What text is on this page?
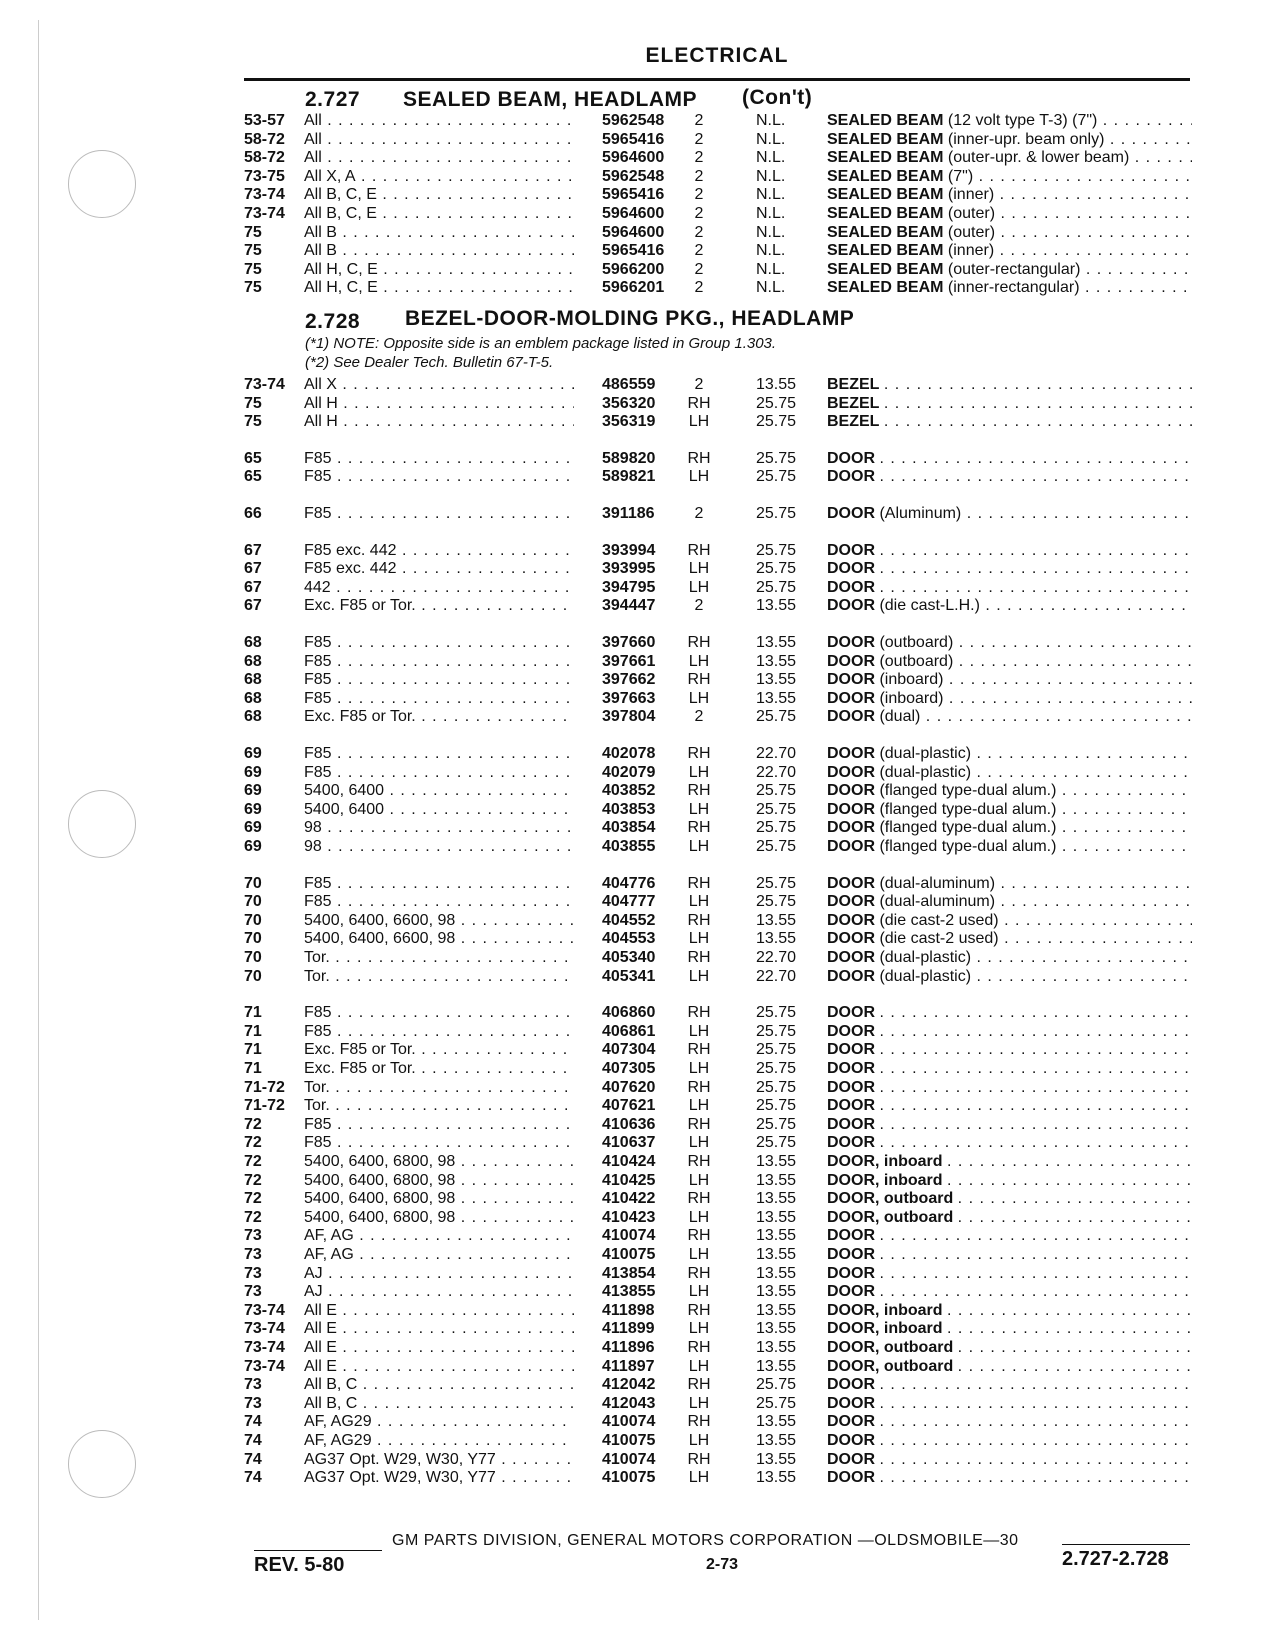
ELECTRICAL
2.727 SEALED BEAM, HEADLAMP (Con't)
53-57 All . . .	5962548	2	N.L.	SEALED BEAM (12 volt type T-3) (7") . . .
58-72 All . . .	5965416	2	N.L.	SEALED BEAM (inner-upr. beam only) . . .
58-72 All . . .	5964600	2	N.L.	SEALED BEAM (outer-upr. & lower beam) . . .
73-75 All X, A . . .	5962548	2	N.L.	SEALED BEAM (7") . . .
73-74 All B, C, E . . .	5965416	2	N.L.	SEALED BEAM (inner) . . .
73-74 All B, C, E . . .	5964600	2	N.L.	SEALED BEAM (outer) . . .
75	All B . . .	5964600	2	N.L.	SEALED BEAM (outer) . . .
75	All B . . .	5965416	2	N.L.	SEALED BEAM (inner) . . .
75	All H, C, E . . .	5966200	2	N.L.	SEALED BEAM (outer-rectangular) . . .
75	All H, C, E . . .	5966201	2	N.L.	SEALED BEAM (inner-rectangular) . . .
2.728 BEZEL-DOOR-MOLDING PKG., HEADLAMP
(*1) NOTE: Opposite side is an emblem package listed in Group 1.303.
(*2) See Dealer Tech. Bulletin 67-T-5.
73-74 All X . . .	486559	2	13.55 BEZEL . . .
75	All H . . .	356320 RH	25.75 BEZEL . . .
75	All H . . .	356319 LH	25.75 BEZEL . . .
65	F85 . . .	589820 RH	25.75 DOOR . . .
65	F85 . . .	589821 LH	25.75 DOOR . . .
66	F85 . . .	391186	2	25.75 DOOR (Aluminum) . . .
67	F85 exc. 442 . . .	393994 RH	25.75 DOOR . . .
67	F85 exc. 442 . . .	393995 LH	25.75 DOOR . . .
67	442 . . .	394795 LH	25.75 DOOR . . .
67	Exc. F85 or Tor. . . .	394447	2	13.55 DOOR (die cast-L.H.) . . .
68	F85 . . .	397660 RH	13.55 DOOR (outboard) . . .
68	F85 . . .	397661 LH	13.55 DOOR (outboard) . . .
68	F85 . . .	397662 RH	13.55 DOOR (inboard) . . .
68	F85 . . .	397663 LH	13.55 DOOR (inboard) . . .
68	Exc. F85 or Tor. . . .	397804	2	25.75 DOOR (dual) . . .
69	F85 . . .	402078 RH	22.70 DOOR (dual-plastic) . . .
69	F85 . . .	402079 LH	22.70 DOOR (dual-plastic) . . .
69	5400, 6400 . . .	403852 RH	25.75 DOOR (flanged type-dual alum.) . . .
69	5400, 6400 . . .	403853 LH	25.75 DOOR (flanged type-dual alum.) . . .
69	98 . . .	403854 RH	25.75 DOOR (flanged type-dual alum.) . . .
69	98 . . .	403855 LH	25.75 DOOR (flanged type-dual alum.) . . .
70	F85 . . .	404776 RH	25.75 DOOR (dual-aluminum) . . .
70	F85 . . .	404777 LH	25.75 DOOR (dual-aluminum) . . .
70	5400, 6400, 6600, 98 . . .	404552 RH	13.55 DOOR (die cast-2 used) . . .
70	5400, 6400, 6600, 98 . . .	404553 LH	13.55 DOOR (die cast-2 used) . . .
70	Tor. . . .	405340 RH	22.70 DOOR (dual-plastic) . . .
70	Tor. . . .	405341 LH	22.70 DOOR (dual-plastic) . . .
71	F85 . . .	406860 RH	25.75 DOOR . . .
71	F85 . . .	406861 LH	25.75 DOOR . . .
71	Exc. F85 or Tor. . . .	407304 RH	25.75 DOOR . . .
71	Exc. F85 or Tor. . . .	407305 LH	25.75 DOOR . . .
71-72 Tor. . . .	407620 RH	25.75 DOOR . . .
71-72 Tor. . . .	407621 LH	25.75 DOOR . . .
72	F85 . . .	410636 RH	25.75 DOOR . . .
72	F85 . . .	410637 LH	25.75 DOOR . . .
72	5400, 6400, 6800, 98 . . .	410424 RH	13.55 DOOR, inboard . . .
72	5400, 6400, 6800, 98 . . .	410425 LH	13.55 DOOR, inboard . . .
72	5400, 6400, 6800, 98 . . .	410422 RH	13.55 DOOR, outboard . . .
72	5400, 6400, 6800, 98 . . .	410423 LH	13.55 DOOR, outboard . . .
73	AF, AG . . .	410074 RH	13.55 DOOR . . .
73	AF, AG . . .	410075 LH	13.55 DOOR . . .
73	AJ . . .	413854 RH	13.55 DOOR . . .
73	AJ . . .	413855 LH	13.55 DOOR . . .
73-74 All E . . .	411898 RH	13.55 DOOR, inboard . . .
73-74 All E . . .	411899 LH	13.55 DOOR, inboard . . .
73-74 All E . . .	411896 RH	13.55 DOOR, outboard . . .
73-74 All E . . .	411897 LH	13.55 DOOR, outboard . . .
73	All B, C . . .	412042 RH	25.75 DOOR . . .
73	All B, C . . .	412043 LH	25.75 DOOR . . .
74	AF, AG29 . . .	410074 RH	13.55 DOOR . . .
74	AF, AG29 . . .	410075 LH	13.55 DOOR . . .
74	AG37 Opt. W29, W30, Y77 . . .	410074 RH	13.55 DOOR . . .
74	AG37 Opt. W29, W30, Y77 . . .	410075 LH	13.55 DOOR . . .
GM PARTS DIVISION, GENERAL MOTORS CORPORATION —OLDSMOBILE—30
REV. 5-80	2-73	2.727-2.728
